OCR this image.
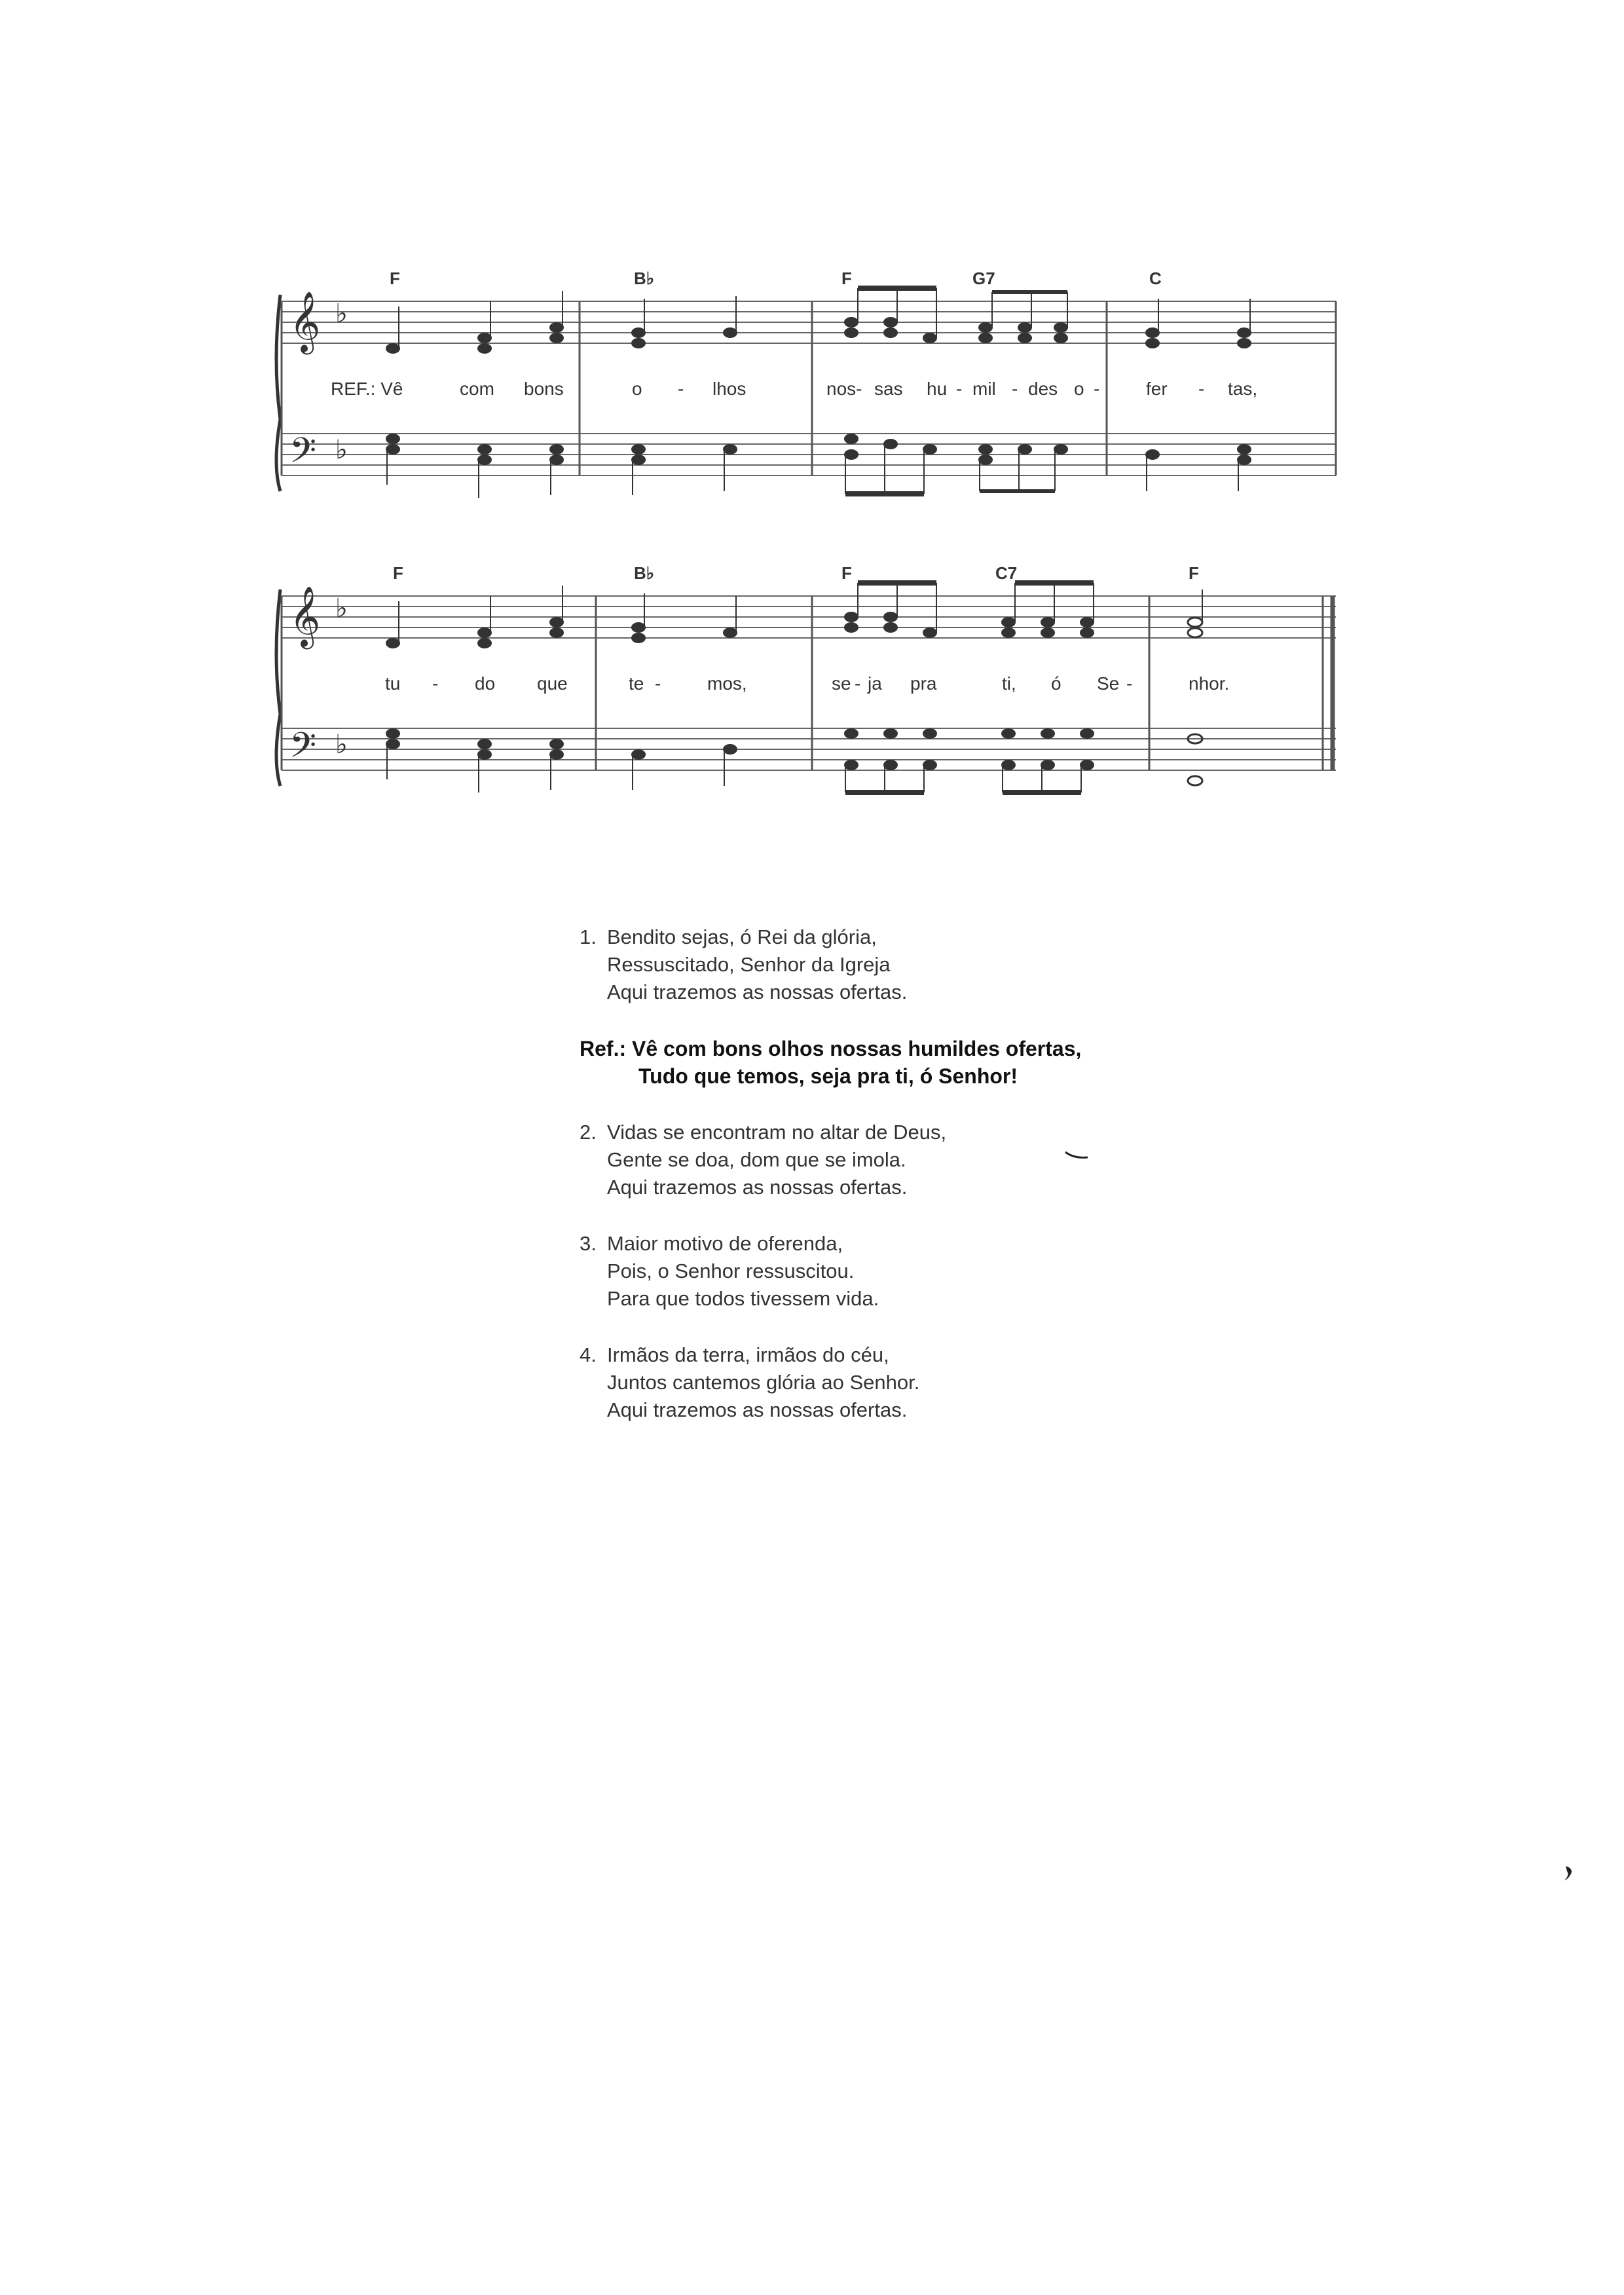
𝄞
𝄢
♭
♭
F	B♭	F	G7	C
REF.: Vê	com bons	o - lhos	nos- sas hu - mil - des o -	fer - tas,
𝄞
𝄢
♭
♭
F	B♭	F	C7	F
tu - do que	te -	mos,	se - ja pra	ti, ó Se -	nhor.
1. Bendito sejas, ó Rei da glória,
Ressuscitado, Senhor da Igreja
Aqui trazemos as nossas ofertas.
Ref.: Vê com bons olhos nossas humildes ofertas,
Tudo que temos, seja pra ti, ó Senhor!
2. Vidas se encontram no altar de Deus,
Gente se doa, dom que se imola.
Aqui trazemos as nossas ofertas.
3. Maior motivo de oferenda,
Pois, o Senhor ressuscitou.
Para que todos tivessem vida.
4. Irmãos da terra, irmãos do céu,
Juntos cantemos glória ao Senhor.
Aqui trazemos as nossas ofertas.
